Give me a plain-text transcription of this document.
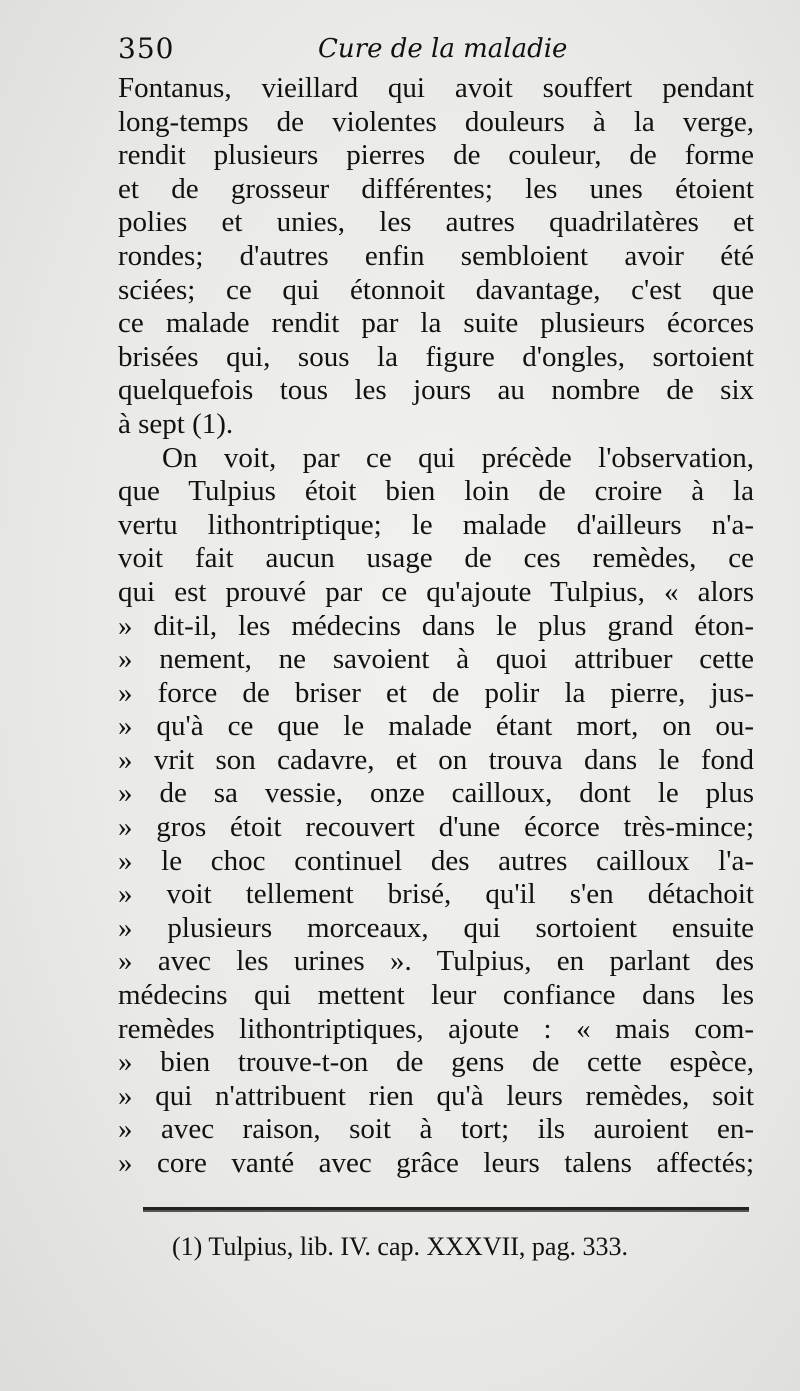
350	Cure de la maladie
Fontanus, vieillard qui avoit souffert pendant
long-temps de violentes douleurs à la verge,
rendit plusieurs pierres de couleur, de forme
et de grosseur différentes; les unes étoient
polies et unies, les autres quadrilatères et
rondes; d'autres enfin sembloient avoir été
sciées; ce qui étonnoit davantage, c'est que
ce malade rendit par la suite plusieurs écorces
brisées qui, sous la figure d'ongles, sortoient
quelquefois tous les jours au nombre de six
à sept (1).
On voit, par ce qui précède l'observation,
que Tulpius étoit bien loin de croire à la
vertu lithontriptique; le malade d'ailleurs n'a-
voit fait aucun usage de ces remèdes, ce
qui est prouvé par ce qu'ajoute Tulpius, « alors
» dit-il, les médecins dans le plus grand éton-
» nement, ne savoient à quoi attribuer cette
» force de briser et de polir la pierre, jus-
» qu'à ce que le malade étant mort, on ou-
» vrit son cadavre, et on trouva dans le fond
» de sa vessie, onze cailloux, dont le plus
» gros étoit recouvert d'une écorce très-mince;
» le choc continuel des autres cailloux l'a-
» voit tellement brisé, qu'il s'en détachoit
» plusieurs morceaux, qui sortoient ensuite
» avec les urines ». Tulpius, en parlant des
médecins qui mettent leur confiance dans les
remèdes lithontriptiques, ajoute : « mais com-
» bien trouve-t-on de gens de cette espèce,
» qui n'attribuent rien qu'à leurs remèdes, soit
» avec raison, soit à tort; ils auroient en-
» core vanté avec grâce leurs talens affectés;
(1) Tulpius, lib. IV. cap. XXXVII, pag. 333.
